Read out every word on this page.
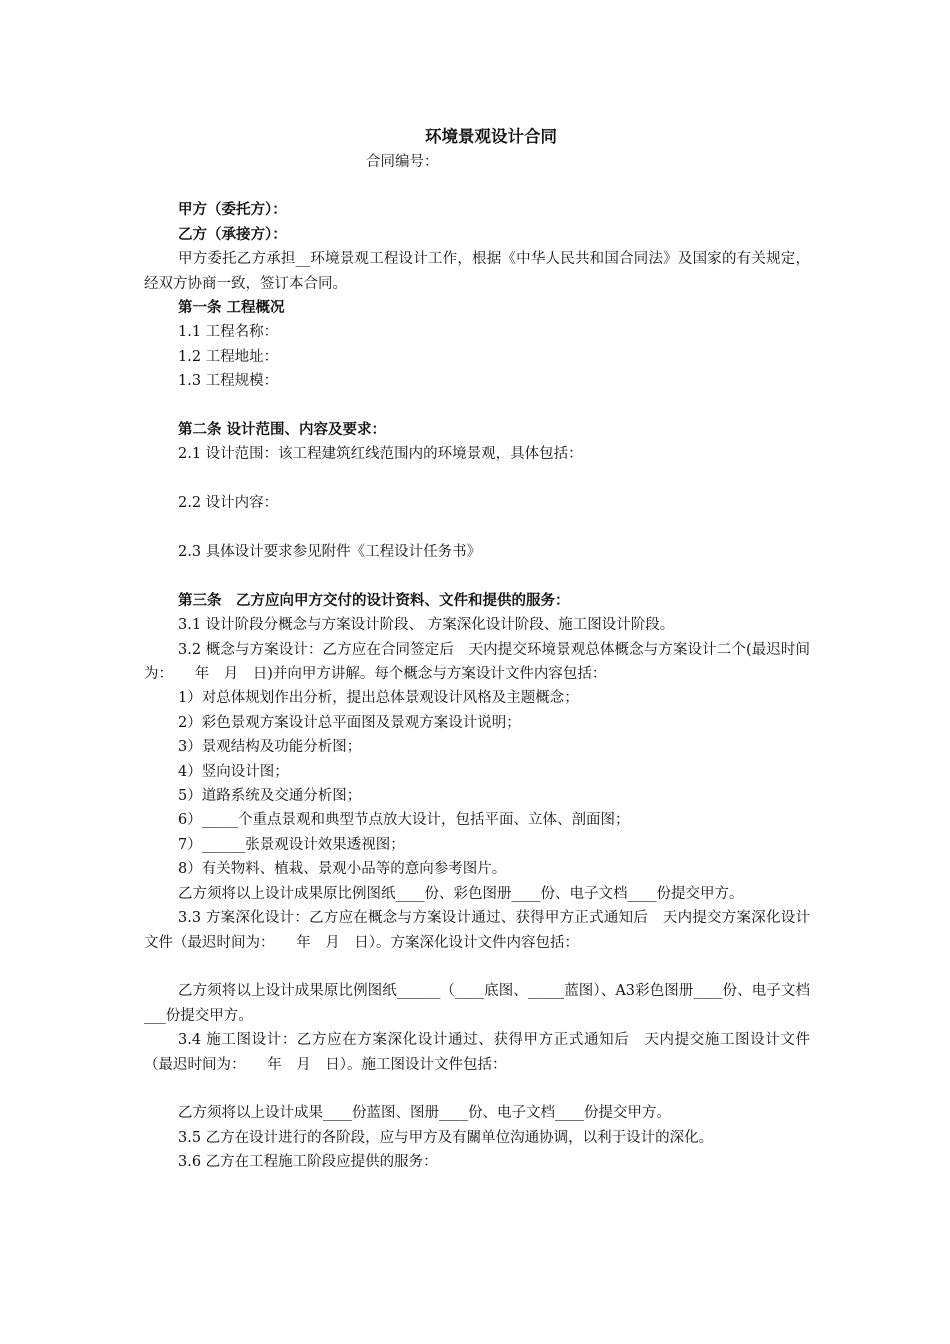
环境景观设计合同
合同编号：
甲方（委托方）：
乙方（承接方）：
甲方委托乙方承担__环境景观工程设计工作，根据《中华人民共和国合同法》及国家的有关规定，经双方协商一致，签订本合同。
第一条 工程概况
1.1 工程名称：
1.2 工程地址：
1.3 工程规模：
第二条 设计范围、内容及要求：
2.1 设计范围：该工程建筑红线范围内的环境景观，具体包括：
2.2 设计内容：
2.3 具体设计要求参见附件《工程设计任务书》
第三条　乙方应向甲方交付的设计资料、文件和提供的服务：
3.1 设计阶段分概念与方案设计阶段、 方案深化设计阶段、施工图设计阶段。
3.2 概念与方案设计：乙方应在合同签定后　天内提交环境景观总体概念与方案设计二个(最迟时间为：　　年　月　日)并向甲方讲解。每个概念与方案设计文件内容包括：
1）对总体规划作出分析，提出总体景观设计风格及主题概念；
2）彩色景观方案设计总平面图及景观方案设计说明；
3）景观结构及功能分析图；
4）竖向设计图；
5）道路系统及交通分析图；
6）_____个重点景观和典型节点放大设计，包括平面、立体、剖面图；
7）______张景观设计效果透视图；
8）有关物料、植栽、景观小品等的意向参考图片。
乙方须将以上设计成果原比例图纸____份、彩色图册____份、电子文档____份提交甲方。
3.3 方案深化设计：乙方应在概念与方案设计通过、获得甲方正式通知后　天内提交方案深化设计文件（最迟时间为：　　年　月　日）。方案深化设计文件内容包括：
乙方须将以上设计成果原比例图纸______（____底图、_____蓝图）、A3彩色图册____份、电子文档___份提交甲方。
3.4 施工图设计：乙方应在方案深化设计通过、获得甲方正式通知后　天内提交施工图设计文件（最迟时间为：　　年　月　日）。施工图设计文件包括：
乙方须将以上设计成果____份蓝图、图册____份、电子文档____份提交甲方。
3.5 乙方在设计进行的各阶段，应与甲方及有關单位沟通协调，以利于设计的深化。
3.6 乙方在工程施工阶段应提供的服务：
